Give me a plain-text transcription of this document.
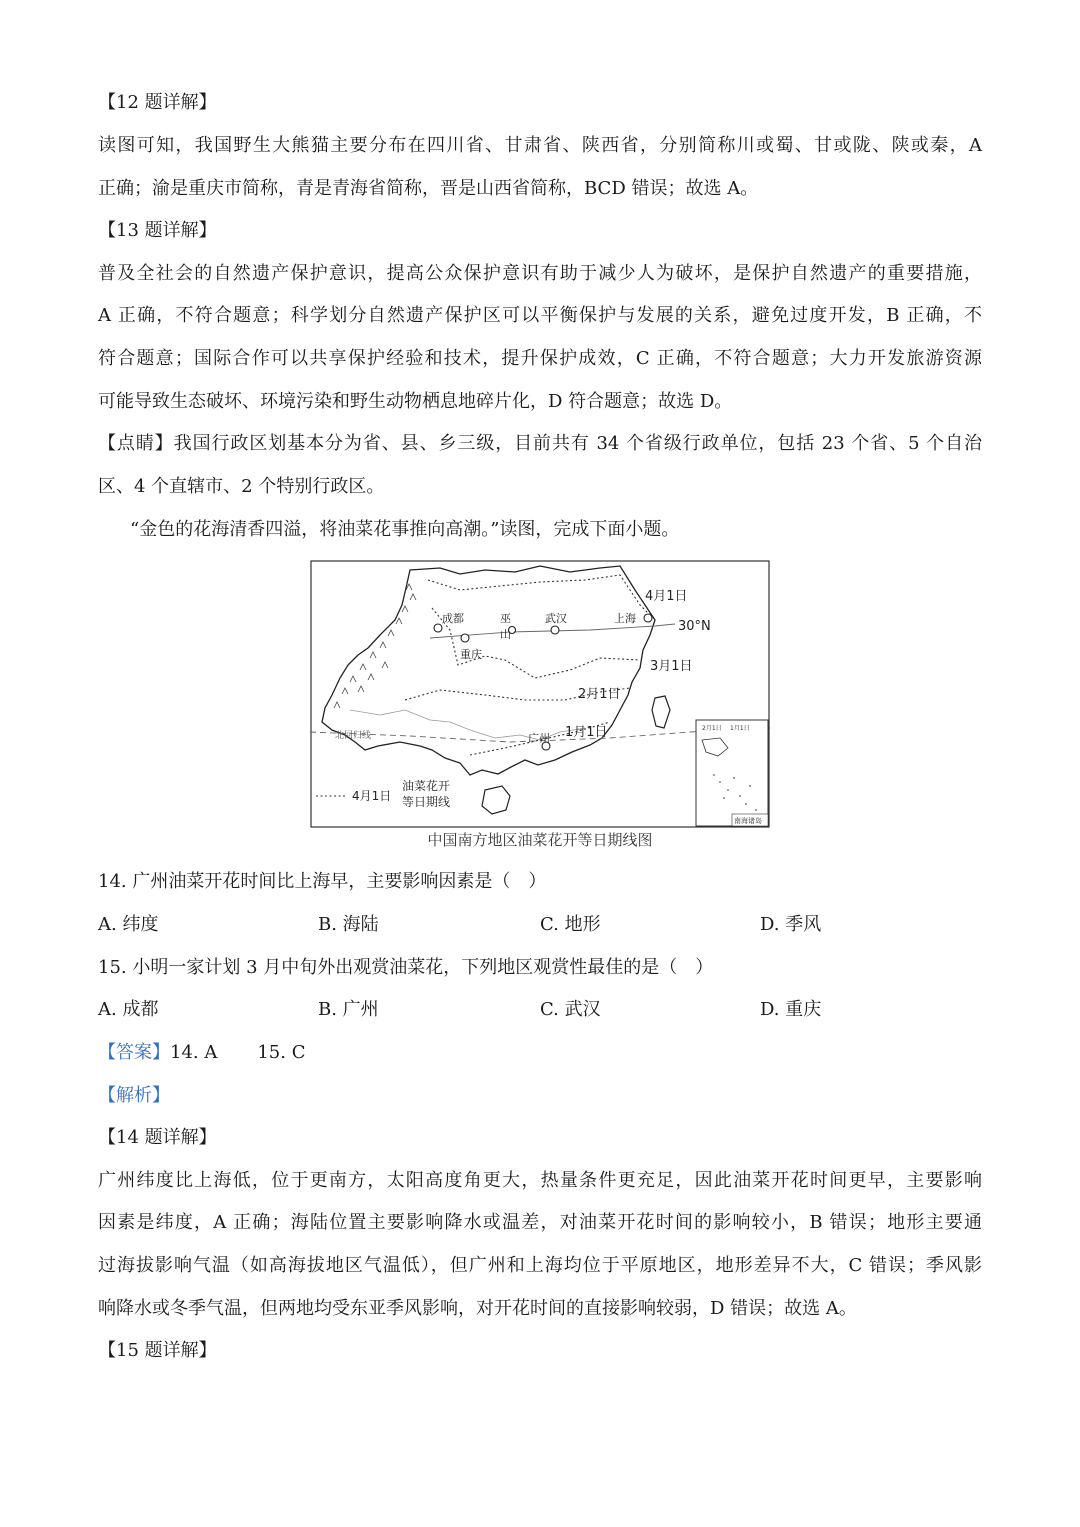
【12 题详解】
读图可知，我国野生大熊猫主要分布在四川省、甘肃省、陕西省，分别简称川或蜀、甘或陇、陕或秦，A
正确；渝是重庆市简称，青是青海省简称，晋是山西省简称，BCD 错误；故选 A。
【13 题详解】
普及全社会的自然遗产保护意识，提高公众保护意识有助于减少人为破坏，是保护自然遗产的重要措施，
A 正确，不符合题意；科学划分自然遗产保护区可以平衡保护与发展的关系，避免过度开发，B 正确，不
符合题意；国际合作可以共享保护经验和技术，提升保护成效，C 正确，不符合题意；大力开发旅游资源
可能导致生态破坏、环境污染和野生动物栖息地碎片化，D 符合题意；故选 D。
【点睛】我国行政区划基本分为省、县、乡三级，目前共有 34 个省级行政单位，包括 23 个省、5 个自治
区、4 个直辖市、2 个特别行政区。
“金色的花海清香四溢，将油菜花事推向高潮。”读图，完成下面小题。
成都
重庆
巫
山
武汉	上海
广州
30°N
北回归线
4月1日
3月1日
2月1日
1月1日
4月1日
油菜花开
等日期线
2月1日 1月1日
南海诸岛
中国南方地区油菜花开等日期线图
14. 广州油菜开花时间比上海早，主要影响因素是（　）
A. 纬度	B. 海陆	C. 地形	D. 季风
15. 小明一家计划 3 月中旬外出观赏油菜花，下列地区观赏性最佳的是（　）
A. 成都	B. 广州	C. 武汉	D. 重庆
【答案】14. A 15. C
【解析】
【14 题详解】
广州纬度比上海低，位于更南方，太阳高度角更大，热量条件更充足，因此油菜开花时间更早，主要影响
因素是纬度，A 正确；海陆位置主要影响降水或温差，对油菜开花时间的影响较小，B 错误；地形主要通
过海拔影响气温（如高海拔地区气温低），但广州和上海均位于平原地区，地形差异不大，C 错误；季风影
响降水或冬季气温，但两地均受东亚季风影响，对开花时间的直接影响较弱，D 错误；故选 A。
【15 题详解】
